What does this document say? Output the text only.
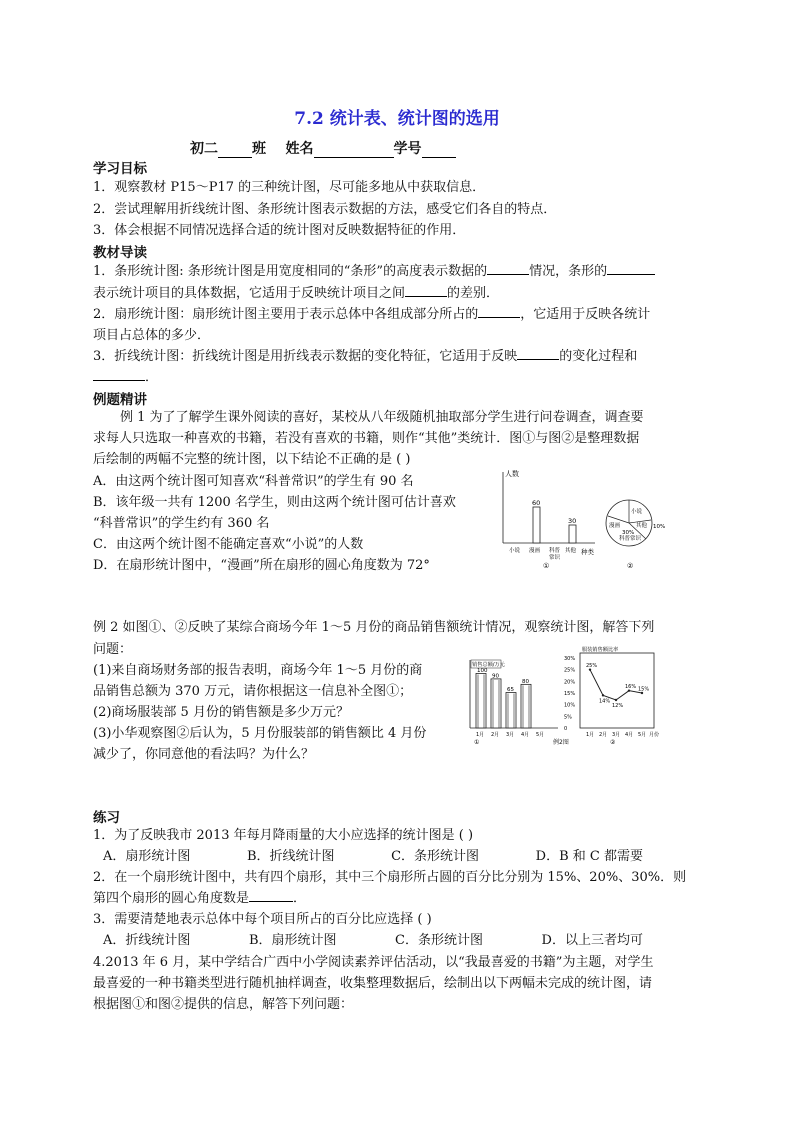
7.2 统计表、统计图的选用
初二 班 姓名	学号
学习目标
1．观察教材 P15～P17 的三种统计图，尽可能多地从中获取信息．
2．尝试理解用折线统计图、条形统计图表示数据的方法，感受它们各自的特点．
3．体会根据不同情况选择合适的统计图对反映数据特征的作用．
教材导读
1．条形统计图: 条形统计图是用宽度相同的“条形”的高度表示数据的	情况，条形的
表示统计项目的具体数据，它适用于反映统计项目之间	的差别．
2．扇形统计图：扇形统计图主要用于表示总体中各组成部分所占的	，它适用于反映各统计
项目占总体的多少．
3．折线统计图：折线统计图是用折线表示数据的变化特征，它适用于反映	的变化过程和
．
例题精讲
例 1 为了了解学生课外阅读的喜好，某校从八年级随机抽取部分学生进行问卷调查，调查要
求每人只选取一种喜欢的书籍，若没有喜欢的书籍，则作“其他”类统计．图①与图②是整理数据
后绘制的两幅不完整的统计图，以下结论不正确的是 ( )
A．由这两个统计图可知喜欢“科普常识”的学生有 90 名
B．该年级一共有 1200 名学生，则由这两个统计图可估计喜欢
“科普常识”的学生约有 360 名
C．由这两个统计图不能确定喜欢“小说”的人数
D．在扇形统计图中，“漫画”所在扇形的圆心角度数为 72°
人数
小说
60
漫画 科普
常识
30
其他 种类
①
小说
漫画	其他
30%
科普常识
10%
②
例 2 如图①、②反映了某综合商场今年 1～5 月份的商品销售额统计情况，观察统计图，解答下列
问题：
(1)来自商场财务部的报告表明，商场今年 1～5 月份的商
品销售总额为 370 万元，请你根据这一信息补全图①；
(2)商场服装部 5 月份的销售额是多少万元？
(3)小华观察图②后认为，5 月份服装部的销售额比 4 月份
减少了，你同意他的看法吗？为什么？
销售总额/万元
100
1月
90
2月
65
3月
80
4月 5月
①
服装销售额比率
30%
25%
20%
15%
10%
5%
0
25%
14%
12%
16% 15%
1月 2月 3月 4月 5月 月份
②
例2图
练习
1．为了反映我市 2013 年每月降雨量的大小应选择的统计图是 ( )
A．扇形统计图	B．折线统计图	C．条形统计图	D．B 和 C 都需要
2．在一个扇形统计图中，共有四个扇形，其中三个扇形所占圆的百分比分别为 15%、20%、30%．则
第四个扇形的圆心角度数是	．
3．需要清楚地表示总体中每个项目所占的百分比应选择 ( )
A．折线统计图	B．扇形统计图	C．条形统计图	D．以上三者均可
4.2013 年 6 月，某中学结合广西中小学阅读素养评估活动，以“我最喜爱的书籍”为主题，对学生
最喜爱的一种书籍类型进行随机抽样调查，收集整理数据后，绘制出以下两幅未完成的统计图，请
根据图①和图②提供的信息，解答下列问题：
